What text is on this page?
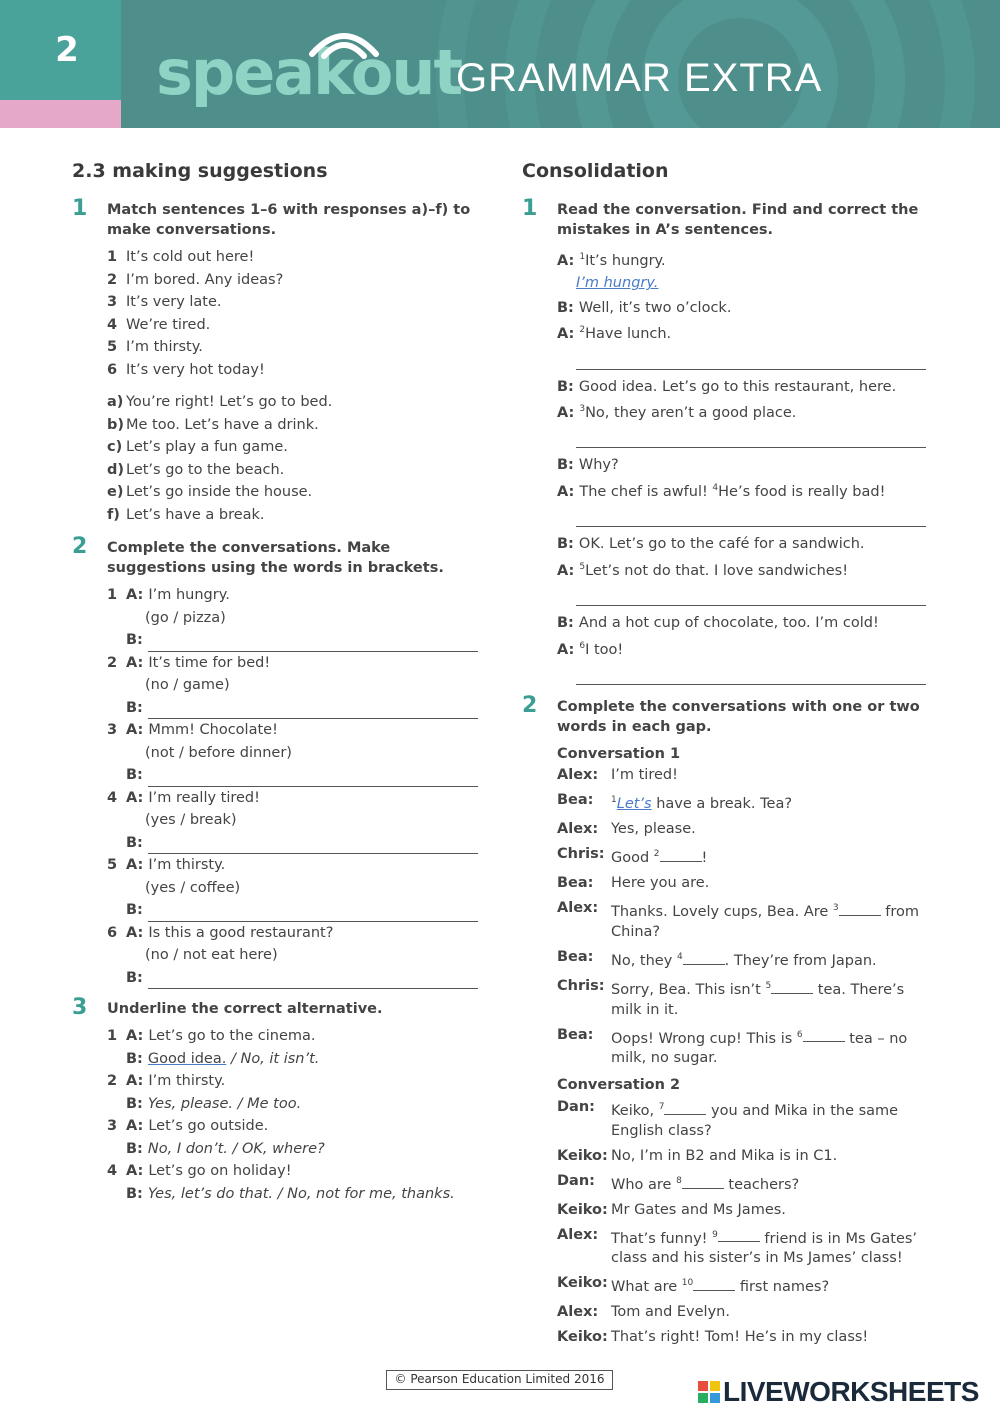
2	speakout
GRAMMAR EXTRA
2.3 making suggestions
1 Match sentences 1–6 with responses a)–f) to make conversations.
1 It’s cold out here!
2 I’m bored. Any ideas?
3 It’s very late.
4 We’re tired.
5 I’m thirsty.
6 It’s very hot today!
a) You’re right! Let’s go to bed.
b) Me too. Let’s have a drink.
c) Let’s play a fun game.
d) Let’s go to the beach.
e) Let’s go inside the house.
f) Let’s have a break.
2 Complete the conversations. Make suggestions using the words in brackets.
1 A: I’m hungry.
(go / pizza)
B:
2 A: It’s time for bed!
(no / game)
B:
3 A: Mmm! Chocolate!
(not / before dinner)
B:
4 A: I’m really tired!
(yes / break)
B:
5 A: I’m thirsty.
(yes / coffee)
B:
6 A: Is this a good restaurant?
(no / not eat here)
B:
3 Underline the correct alternative.
1 A: Let’s go to the cinema.
B: Good idea. / No, it isn’t.
2 A: I’m thirsty.
B: Yes, please. / Me too.
3 A: Let’s go outside.
B: No, I don’t. / OK, where?
4 A: Let’s go on holiday!
B: Yes, let’s do that. / No, not for me, thanks.
Consolidation
1 Read the conversation. Find and correct the mistakes in A’s sentences.
A: $^1$It’s hungry.
I’m hungry.
B: Well, it’s two o’clock.
A: $^2$Have lunch.
B: Good idea. Let’s go to this restaurant, here.
A: $^3$No, they aren’t a good place.
B: Why?
A: The chef is awful! $^4$He’s food is really bad!
B: OK. Let’s go to the café for a sandwich.
A: $^5$Let’s not do that. I love sandwiches!
B: And a hot cup of chocolate, too. I’m cold!
A: $^6$I too!
2 Complete the conversations with one or two words in each gap.
Conversation 1
Alex: I’m tired!
Bea:	$^1$Let’s have a break. Tea?
Alex: Yes, please.
Chris: Good $^2$	!
Bea:	Here you are.
Alex: Thanks. Lovely cups, Bea. Are $^3$	from China?
Bea:	No, they $^4$	. They’re from Japan.
Chris: Sorry, Bea. This isn’t $^5$	tea. There’s milk in it.
Bea:	Oops! Wrong cup! This is $^6$	tea – no milk, no sugar.
Conversation 2
Dan:	Keiko, $^7$	you and Mika in the same English class?
Keiko: No, I’m in B2 and Mika is in C1.
Dan:	Who are $^8$	teachers?
Keiko: Mr Gates and Ms James.
Alex: That’s funny! $^9$	friend is in Ms Gates’ class and his sister’s in Ms James’ class!
Keiko: What are $^{10}$	first names?
Alex: Tom and Evelyn.
Keiko: That’s right! Tom! He’s in my class!
© Pearson Education Limited 2016	LIVEWORKSHEETS
